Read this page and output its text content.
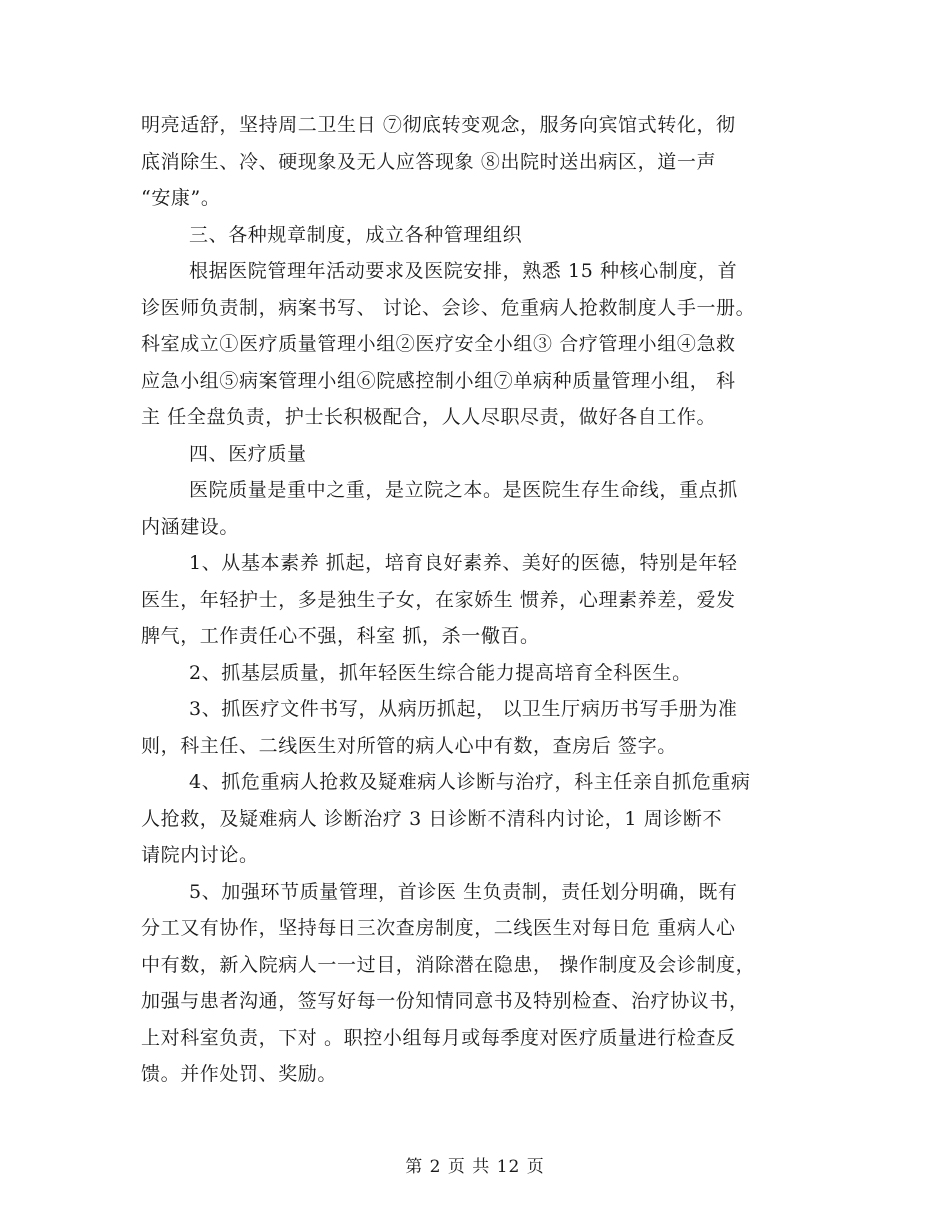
明亮适舒，坚持周二卫生日 ⑦彻底转变观念，服务向宾馆式转化，彻
底消除生、冷、硬现象及无人应答现象 ⑧出院时送出病区，道一声
“安康”。
三、各种规章制度，成立各种管理组织
根据医院管理年活动要求及医院安排，熟悉 15 种核心制度，首
诊医师负责制，病案书写、 讨论、会诊、危重病人抢救制度人手一册。
科室成立①医疗质量管理小组②医疗安全小组③ 合疗管理小组④急救
应急小组⑤病案管理小组⑥院感控制小组⑦单病种质量管理小组， 科
主 任全盘负责，护士长积极配合，人人尽职尽责，做好各自工作。
四、医疗质量
医院质量是重中之重，是立院之本。是医院生存生命线，重点抓
内涵建设。
1、从基本素养 抓起，培育良好素养、美好的医德，特别是年轻
医生，年轻护士，多是独生子女，在家娇生 惯养，心理素养差，爱发
脾气，工作责任心不强，科室 抓，杀一儆百。
2、抓基层质量，抓年轻医生综合能力提高培育全科医生。
3、抓医疗文件书写，从病历抓起， 以卫生厅病历书写手册为准
则，科主任、二线医生对所管的病人心中有数，查房后 签字。
4、抓危重病人抢救及疑难病人诊断与治疗，科主任亲自抓危重病
人抢救，及疑难病人 诊断治疗 3 日诊断不清科内讨论，1 周诊断不
请院内讨论。
5、加强环节质量管理，首诊医 生负责制，责任划分明确，既有
分工又有协作，坚持每日三次查房制度，二线医生对每日危 重病人心
中有数，新入院病人一一过目，消除潜在隐患， 操作制度及会诊制度，
加强与患者沟通，签写好每一份知情同意书及特别检查、治疗协议书，
上对科室负责，下对 。职控小组每月或每季度对医疗质量进行检查反
馈。并作处罚、奖励。
第 2 页 共 12 页
